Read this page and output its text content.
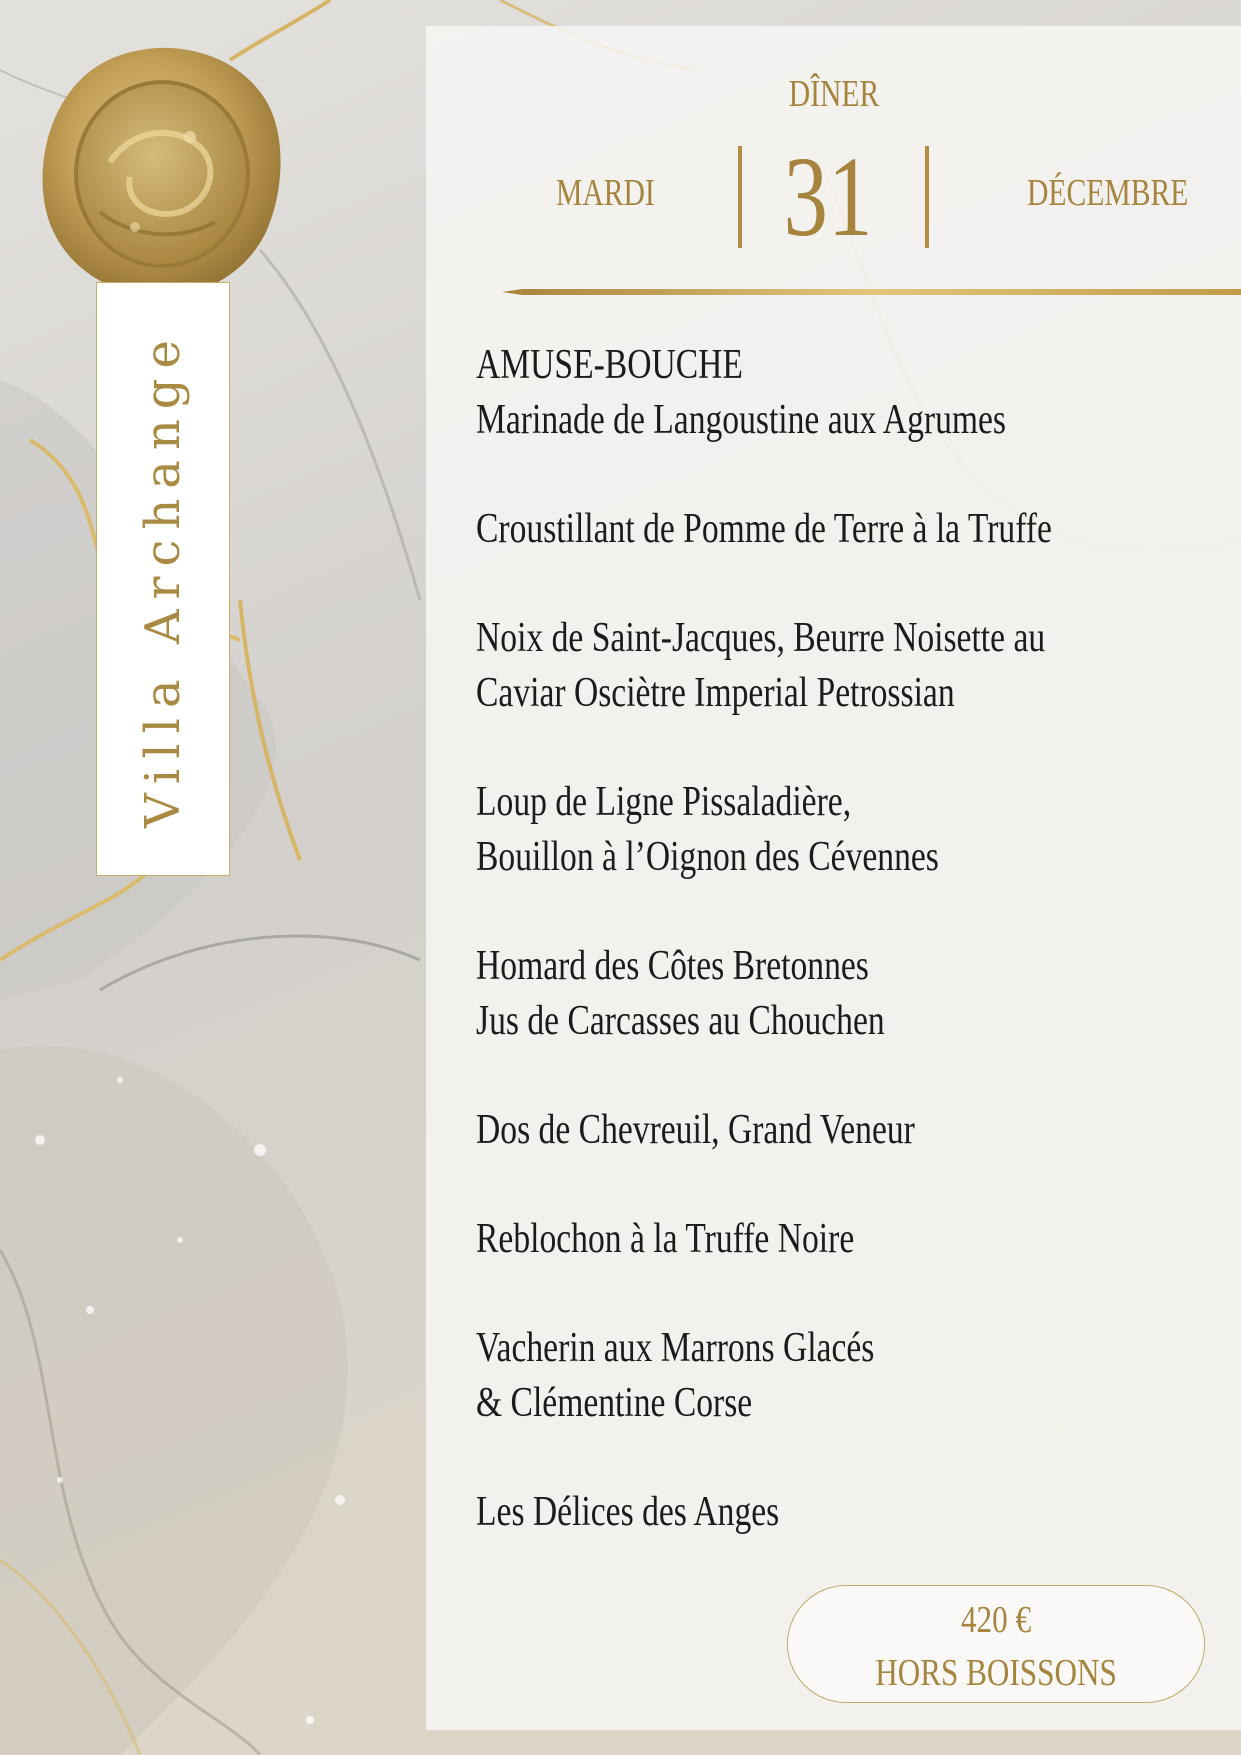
Villa Archange
DÎNER
MARDI 31	DÉCEMBRE
AMUSE-BOUCHE
Marinade de Langoustine aux Agrumes
Croustillant de Pomme de Terre à la Truffe
Noix de Saint-Jacques, Beurre Noisette au
Caviar Osciètre Imperial Petrossian
Loup de Ligne Pissaladière,
Bouillon à l’Oignon des Cévennes
Homard des Côtes Bretonnes
Jus de Carcasses au Chouchen
Dos de Chevreuil, Grand Veneur
Reblochon à la Truffe Noire
Vacherin aux Marrons Glacés
& Clémentine Corse
Les Délices des Anges
420 €
HORS BOISSONS
